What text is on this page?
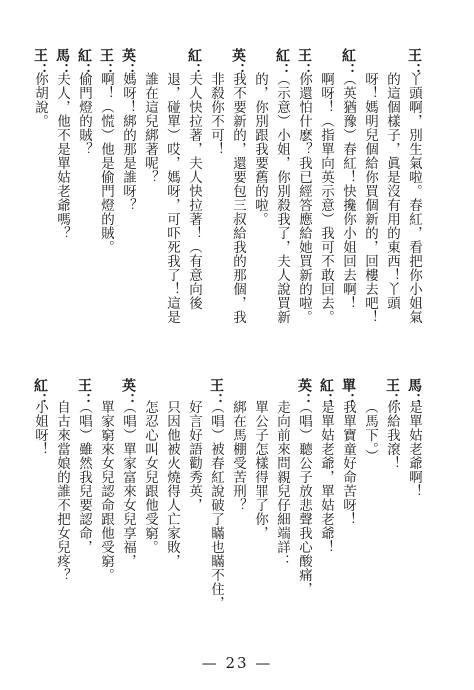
王：
丫頭啊，別生氣啦。春紅，看把你小姐氣
的這個樣子，眞是沒有用的東西！丫頭
呀！媽明兒個給你買個新的，回樓去吧！
紅：
（英猶豫）春紅！快攙你小姐回去啊！
啊呀！（指單向英示意）我可不敢回去。
王：
你還怕什麽？我已經答應給她買新的啦。
紅：
（示意）小姐，你別殺我了，夫人說買新
的，你別跟我要舊的啦。
英：
我不要新的，還要包三叔給我的那個，我
非殺你不可！
紅：
夫人快拉著，夫人快拉著！（有意向後
退，碰單）哎，媽呀，可吓死我了！這是
誰在這兒綁著呢？
英：
媽呀！綁的那是誰呀？
王：
啊！（慌）他是偷門燈的賊。
紅：
偷門燈的賊？
馬：
夫人，他不是單姑老爺嗎？
王：
你胡說。
馬：
是單姑老爺啊！
王：
你給我滾！
（馬下。）
單：
我單寶童好命苦呀！
紅：
是單姑老爺，單姑老爺！
英：
（唱）聽公子放悲聲我心酸痛，
走向前來問親兒仔細端詳：
單公子怎樣得罪了你，
綁在馬棚受苦刑？
王：
（唱）被春紅說破了瞞也瞞不住，
好言好語勸秀英，
只因他被火燒得人亡家敗，
怎忍心叫女兒跟他受窮。
英：
（唱）單家富來女兒享福，
單家窮來女兒認命跟他受窮。
王：
（唱）雖然我兒要認命，
自古來當娘的誰不把女兒疼？
紅：
小姐呀！
— 23 —
